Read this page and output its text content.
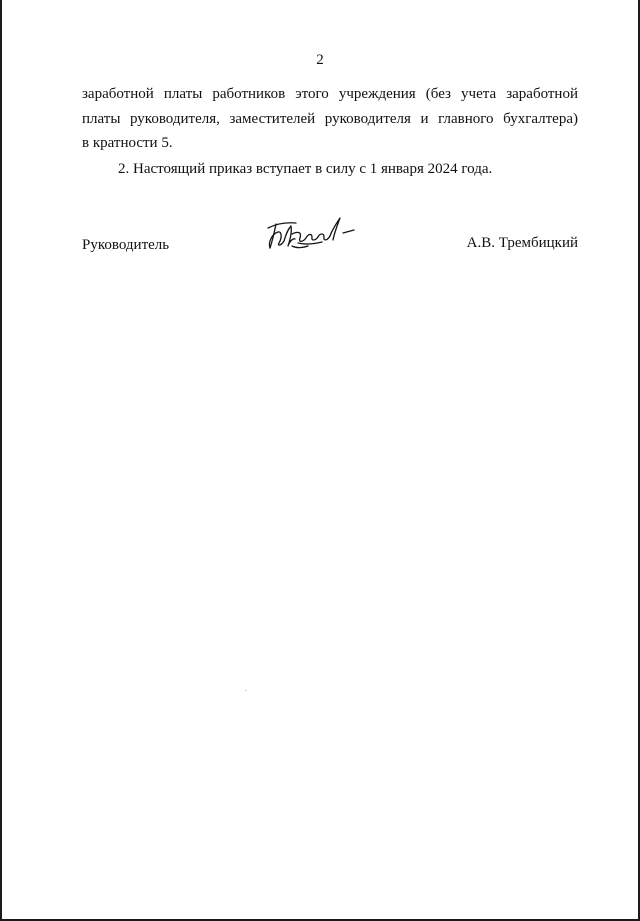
2
заработной платы работников этого учреждения (без учета заработной
платы руководителя, заместителей руководителя и главного бухгалтера)
в кратности 5.
2. Настоящий приказ вступает в силу с 1 января 2024 года.
Руководитель	А.В. Трембицкий
